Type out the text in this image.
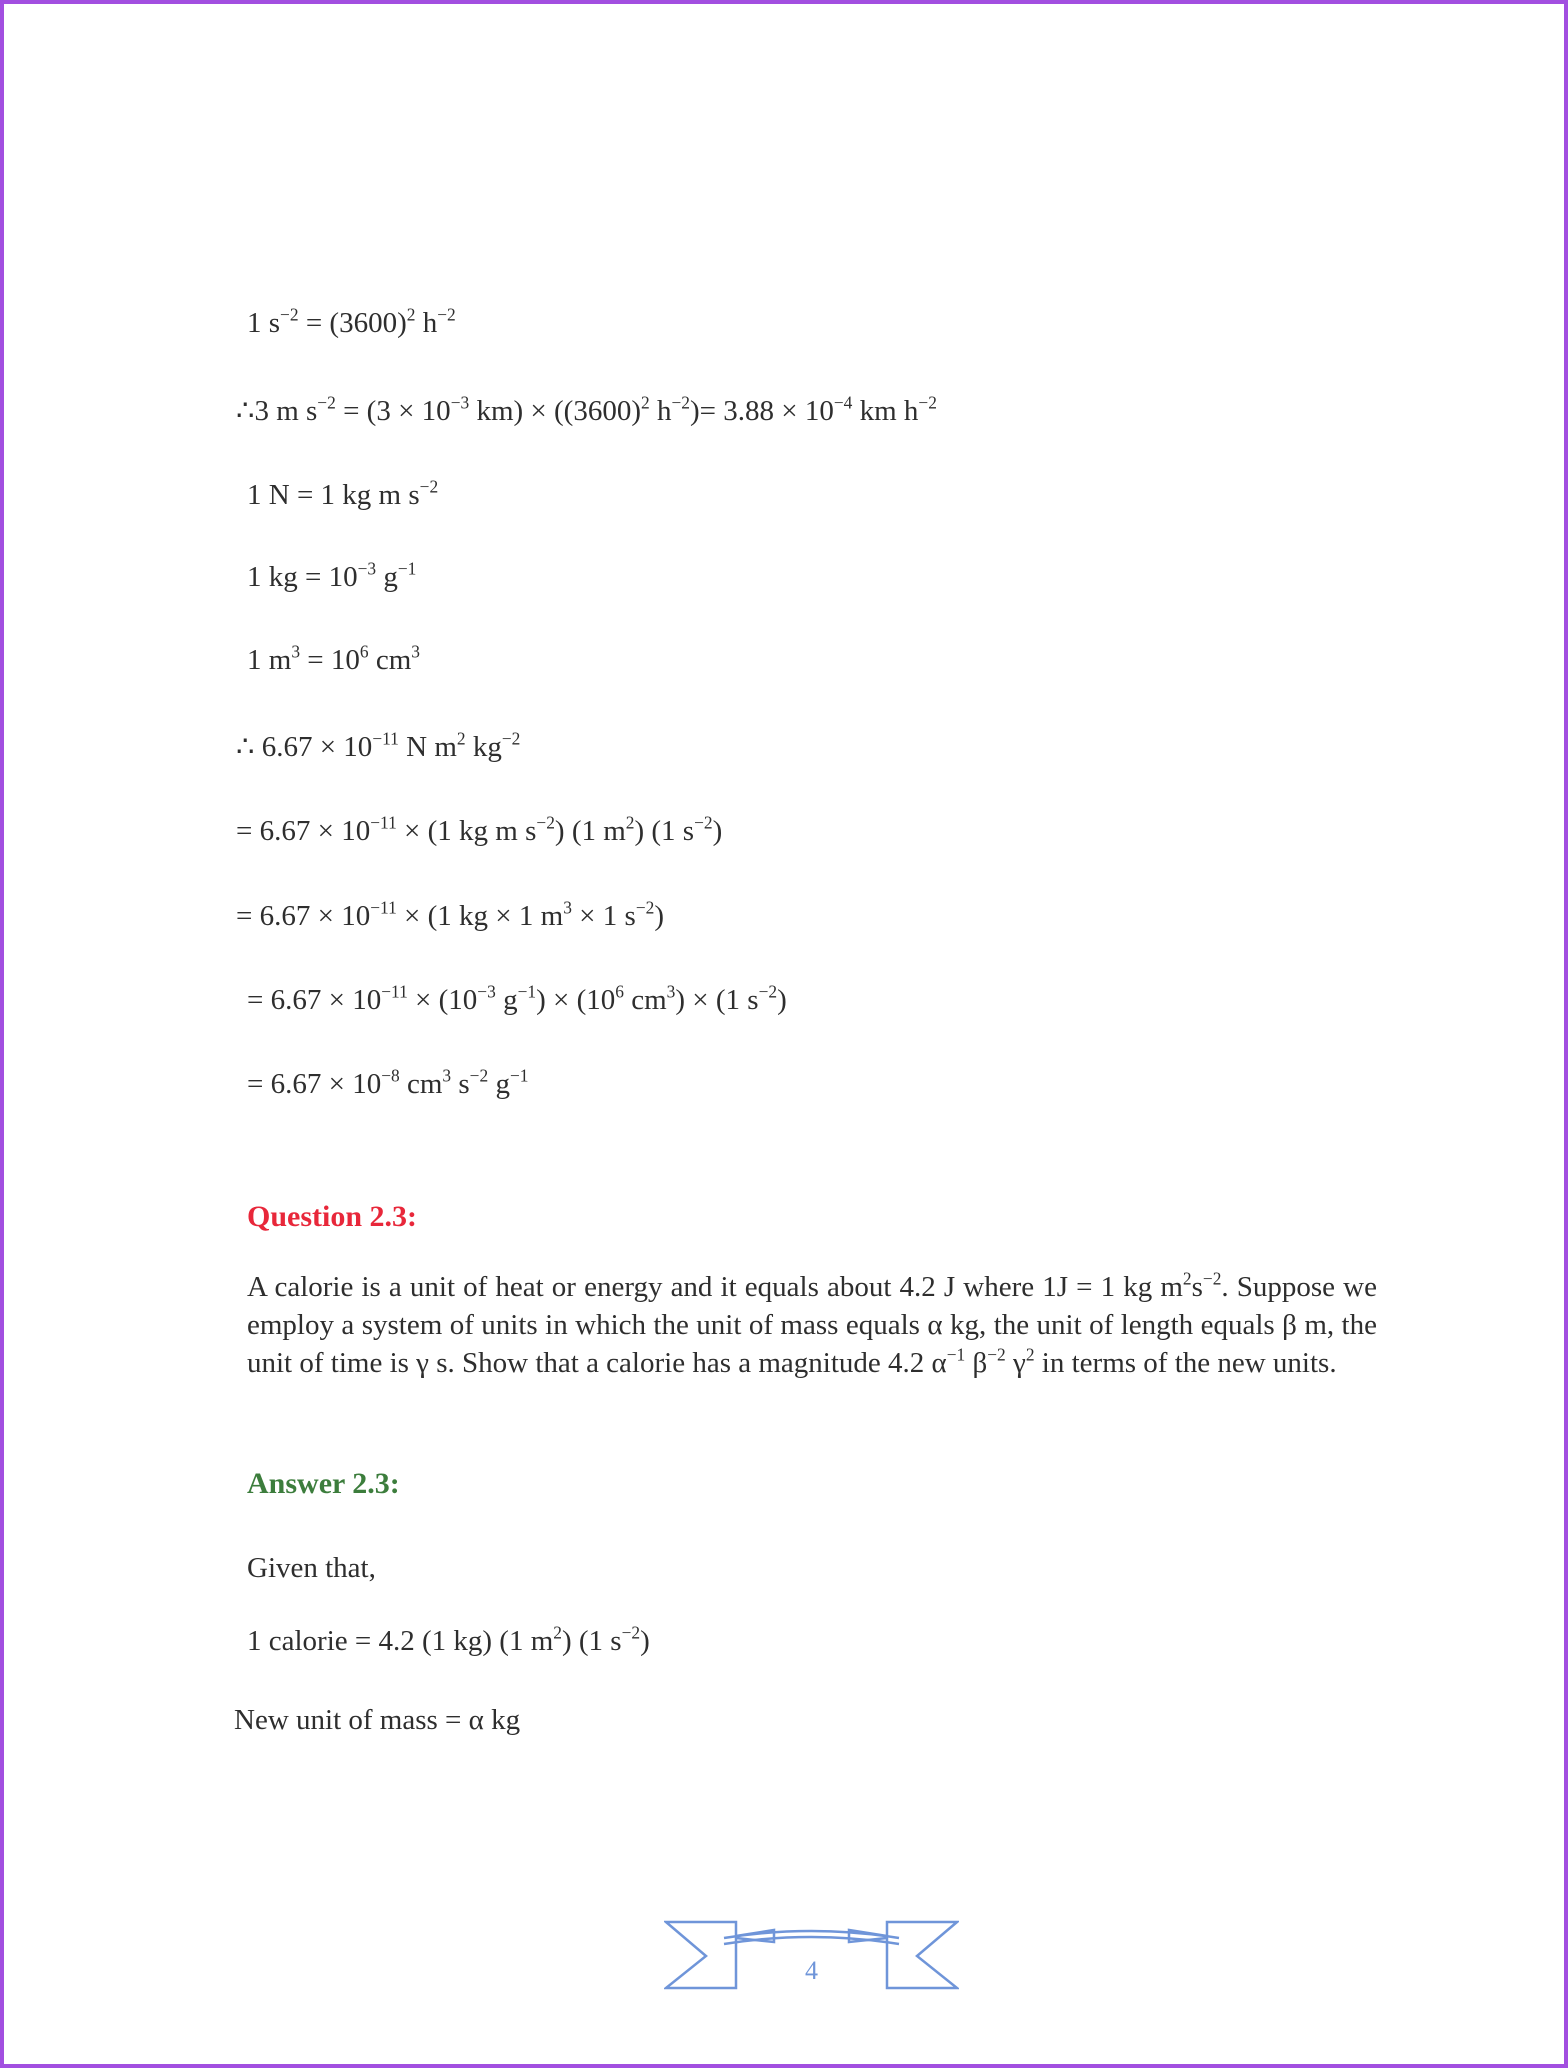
1 $s^{-2} = (3600)^2$ $h^{-2}$
∴3 m $s^{-2} = (3 \times 10^{-3}$ $km) \times ((3600)^2$ $h^{-2})= 3.88 \times 10^{-4}$ km $h^{-2}$
1 N = 1 kg m $s^{-2}$
1 kg = $10^{-3}$ $g^{-1}$
1 $m^3 = 10^6$ $cm^3$
∴ $6.67 \times 10^{-11}$ N $m^2$ $kg^{-2}$
= $6.67 \times 10^{-11} \times (1$ kg m $s^{-2}$) (1 $m^2$) (1 $s^{-2}$)
= $6.67 \times 10^{-11} \times (1$ kg × 1 $m^3 \times 1$ $s^{-2}$)
= $6.67 \times 10^{-11} \times (10^{-3}$ $g^{-1}) \times (10^6$ $cm^3) \times (1$ $s^{-2}$)
= $6.67 \times 10^{-8}$ $cm^3$ $s^{-2}$ $g^{-1}$
Question 2.3:
A calorie is a unit of heat or energy and it equals about 4.2 J where 1J = 1 kg $m^2s^{-2}$. Suppose we employ a system of units in which the unit of mass equals α kg, the unit of length equals β m, the unit of time is γ s. Show that a calorie has a magnitude 4.2 $\alpha^{-1}$ $\beta^{-2}$ $\gamma^2$ in terms of the new units.
Answer 2.3:
Given that,
1 calorie = 4.2 (1 kg) (1 $m^2$) (1 $s^{-2}$)
New unit of mass = α kg
4
